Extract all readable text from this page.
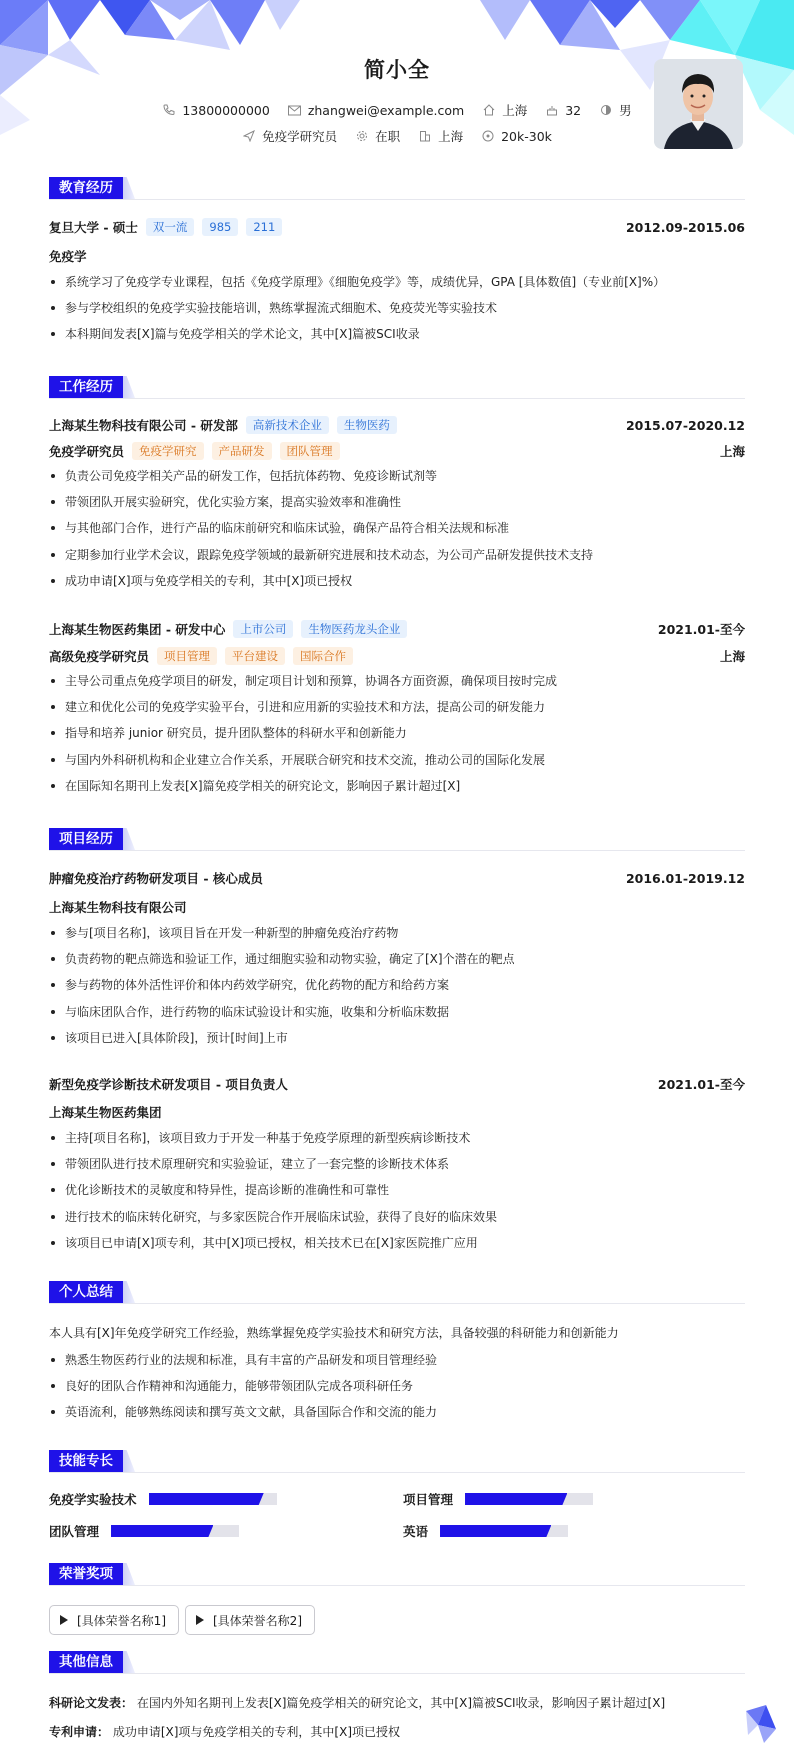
简小全
13800000000	zhangwei@example.com	上海	32	男
免疫学研究员	在职	上海	20k-30k
教育经历
复旦大学 - 硕士	双一流	985	211	2012.09-2015.06
免疫学
系统学习了免疫学专业课程，包括《免疫学原理》《细胞免疫学》等，成绩优异，GPA [具体数值]（专业前[X]%）
参与学校组织的免疫学实验技能培训，熟练掌握流式细胞术、免疫荧光等实验技术
本科期间发表[X]篇与免疫学相关的学术论文，其中[X]篇被SCI收录
工作经历
上海某生物科技有限公司 - 研发部	高新技术企业	生物医药	2015.07-2020.12
免疫学研究员	免疫学研究	产品研发	团队管理	上海
负责公司免疫学相关产品的研发工作，包括抗体药物、免疫诊断试剂等
带领团队开展实验研究，优化实验方案，提高实验效率和准确性
与其他部门合作，进行产品的临床前研究和临床试验，确保产品符合相关法规和标准
定期参加行业学术会议，跟踪免疫学领域的最新研究进展和技术动态，为公司产品研发提供技术支持
成功申请[X]项与免疫学相关的专利，其中[X]项已授权
上海某生物医药集团 - 研发中心	上市公司	生物医药龙头企业	2021.01-至今
高级免疫学研究员	项目管理	平台建设	国际合作	上海
主导公司重点免疫学项目的研发，制定项目计划和预算，协调各方面资源，确保项目按时完成
建立和优化公司的免疫学实验平台，引进和应用新的实验技术和方法，提高公司的研发能力
指导和培养 junior 研究员，提升团队整体的科研水平和创新能力
与国内外科研机构和企业建立合作关系，开展联合研究和技术交流，推动公司的国际化发展
在国际知名期刊上发表[X]篇免疫学相关的研究论文，影响因子累计超过[X]
项目经历
肿瘤免疫治疗药物研发项目 - 核心成员	2016.01-2019.12
上海某生物科技有限公司
参与[项目名称]，该项目旨在开发一种新型的肿瘤免疫治疗药物
负责药物的靶点筛选和验证工作，通过细胞实验和动物实验，确定了[X]个潜在的靶点
参与药物的体外活性评价和体内药效学研究，优化药物的配方和给药方案
与临床团队合作，进行药物的临床试验设计和实施，收集和分析临床数据
该项目已进入[具体阶段]，预计[时间]上市
新型免疫学诊断技术研发项目 - 项目负责人	2021.01-至今
上海某生物医药集团
主持[项目名称]，该项目致力于开发一种基于免疫学原理的新型疾病诊断技术
带领团队进行技术原理研究和实验验证，建立了一套完整的诊断技术体系
优化诊断技术的灵敏度和特异性，提高诊断的准确性和可靠性
进行技术的临床转化研究，与多家医院合作开展临床试验，获得了良好的临床效果
该项目已申请[X]项专利，其中[X]项已授权，相关技术已在[X]家医院推广应用
个人总结
本人具有[X]年免疫学研究工作经验，熟练掌握免疫学实验技术和研究方法，具备较强的科研能力和创新能力
熟悉生物医药行业的法规和标准，具有丰富的产品研发和项目管理经验
良好的团队合作精神和沟通能力，能够带领团队完成各项科研任务
英语流利，能够熟练阅读和撰写英文文献，具备国际合作和交流的能力
技能专长
免疫学实验技术	项目管理
团队管理	英语
荣誉奖项
[具体荣誉名称1]	[具体荣誉名称2]
其他信息
科研论文发表： 在国内外知名期刊上发表[X]篇免疫学相关的研究论文，其中[X]篇被SCI收录，影响因子累计超过[X]
专利申请： 成功申请[X]项与免疫学相关的专利，其中[X]项已授权
